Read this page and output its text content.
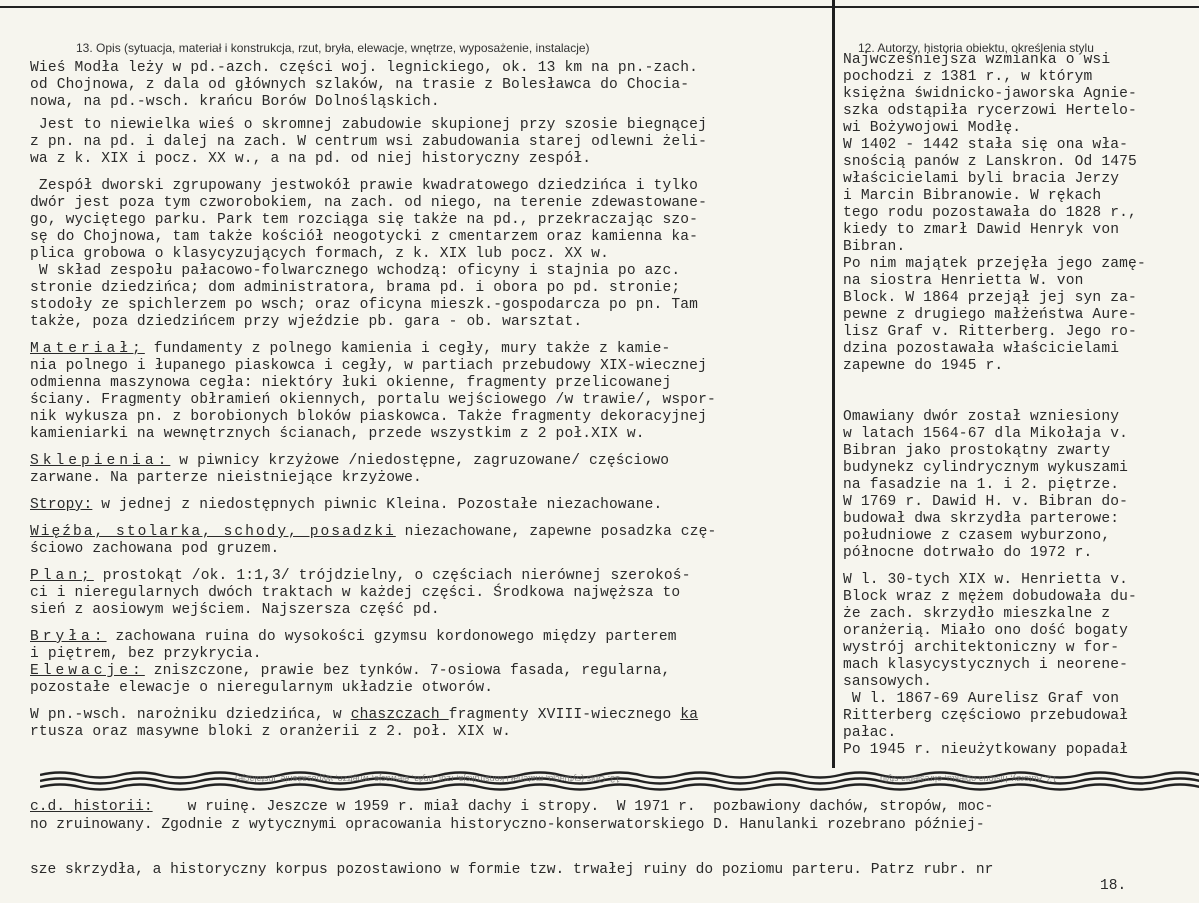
13. Opis (sytuacja, materiał i konstrukcja, rzut, bryła, elewacje, wnętrze, wyposażenie, instalacje)	12. Autorzy, historia obiektu, określenia stylu
Wieś Modła leży w pd.-azch. części woj. legnickiego, ok. 13 km na pn.-zach.
od Chojnowa, z dala od głównych szlaków, na trasie z Bolesławca do Chocia-
nowa, na pd.-wsch. krańcu Borów Dolnośląskich.
Jest to niewielka wieś o skromnej zabudowie skupionej przy szosie biegnącej
z pn. na pd. i dalej na zach. W centrum wsi zabudowania starej odlewni żeli-
wa z k. XIX i pocz. XX w., a na pd. od niej historyczny zespół.
Zespół dworski zgrupowany jestwokół prawie kwadratowego dziedzińca i tylko
dwór jest poza tym czworobokiem, na zach. od niego, na terenie zdewastowane-
go, wyciętego parku. Park tem rozciąga się także na pd., przekraczając szo-
sę do Chojnowa, tam także kościół neogotycki z cmentarzem oraz kamienna ka-
plica grobowa o klasycyzujących formach, z k. XIX lub pocz. XX w.
W skład zespołu pałacowo-folwarcznego wchodzą: oficyny i stajnia po azc.
stronie dziedzińca; dom administratora, brama pd. i obora po pd. stronie;
stodoły ze spichlerzem po wsch; oraz oficyna mieszk.-gospodarcza po pn. Tam
także, poza dziedzińcem przy wjeździe pb. gara - ob. warsztat.
Materiał; fundamenty z polnego kamienia i cegły, mury także z kamie-
nia polnego i łupanego piaskowca i cegły, w partiach przebudowy XIX-wiecznej
odmienna maszynowa cegła: niektóry łuki okienne, fragmenty przelicowanej
ściany. Fragmenty obłramień okiennych, portalu wejściowego /w trawie/, wspor-
nik wykusza pn. z borobionych bloków piaskowca. Także fragmenty dekoracyjnej
kamieniarki na wewnętrznych ścianach, przede wszystkim z 2 poł.XIX w.
Sklepienia: w piwnicy krzyżowe /niedostępne, zagruzowane/ częściowo
zarwane. Na parterze nieistniejące krzyżowe.
Stropy: w jednej z niedostępnych piwnic Kleina. Pozostałe niezachowane.
Więźba, stolarka, schody, posadzki niezachowane, zapewne posadzka czę-
ściowo zachowana pod gruzem.
Plan; prostokąt /ok. 1:1,3/ trójdzielny, o częściach nierównej szerokoś-
ci i nieregularnych dwóch traktach w każdej części. Środkowa najwęższa to
sień z aosiowym wejściem. Najszersza część pd.
Bryła: zachowana ruina do wysokości gzymsu kordonowego między parterem
i piętrem, bez przykrycia.
Elewacje: zniszczone, prawie bez tynków. 7-osiowa fasada, regularna,
pozostałe elewacje o nieregularnym układzie otworów.
W pn.-wsch. narożniku dziedzińca, w chaszczach fragmenty XVIII-wiecznego ka
rtusza oraz masywne bloki z oranżerii z 2. poł. XIX w.
Najwcześniejsza wzmianka o wsi
pochodzi z 1381 r., w którym
księżna świdnicko-jaworska Agnie-
szka odstąpiła rycerzowi Hertelo-
wi Bożywojowi Modłę.
W 1402 - 1442 stała się ona wła-
snością panów z Lanskron. Od 1475
właścicielami byli bracia Jerzy
i Marcin Bibranowie. W rękach
tego rodu pozostawała do 1828 r.,
kiedy to zmarł Dawid Henryk von
Bibran.
Po nim majątek przejęła jego zamę-
na siostra Henrietta W. von
Block. W 1864 przejął jej syn za-
pewne z drugiego małżeństwa Aure-
lisz Graf v. Ritterberg. Jego ro-
dzina pozostawała właścicielami
zapewne do 1945 r.
Omawiany dwór został wzniesiony
w latach 1564-67 dla Mikołaja v.
Bibran jako prostokątny zwarty
budynekz cylindrycznym wykuszami
na fasadzie na 1. i 2. piętrze.
W 1769 r. Dawid H. v. Bibran do-
budował dwa skrzydła parterowe:
południowe z czasem wyburzono,
północne dotrwało do 1972 r.
W l. 30-tych XIX w. Henrietta v.
Block wraz z mężem dobudowała du-
że zach. skrzydło mieszkalne z
oranżerią. Miało ono dość bogaty
wystrój architektoniczny w for-
mach klasycystycznych i neorene-
sansowych.
W l. 1867-69 Aurelisz Graf von
Ritterberg częściowo przebudował
pałac.
Po 1945 r. nieużytkowany popadał
13. Opis (sytuacja, materiał i konstrukcja, rzut, bryła, elewacje, wnętrze, wyposażenie, instalacje)	12. Autorzy, historia obiektu, określenia stylu
c.d. historii:    w ruinę. Jeszcze w 1959 r. miał dachy i stropy.  W 1971 r.  pozbawiony dachów, stropów, moc-
no zruinowany. Zgodnie z wytycznymi opracowania historyczno-konserwatorskiego D. Hanulanki rozebrano później-
sze skrzydła, a historyczny korpus pozostawiono w formie tzw. trwałej ruiny do poziomu parteru. Patrz rubr. nr
18.
